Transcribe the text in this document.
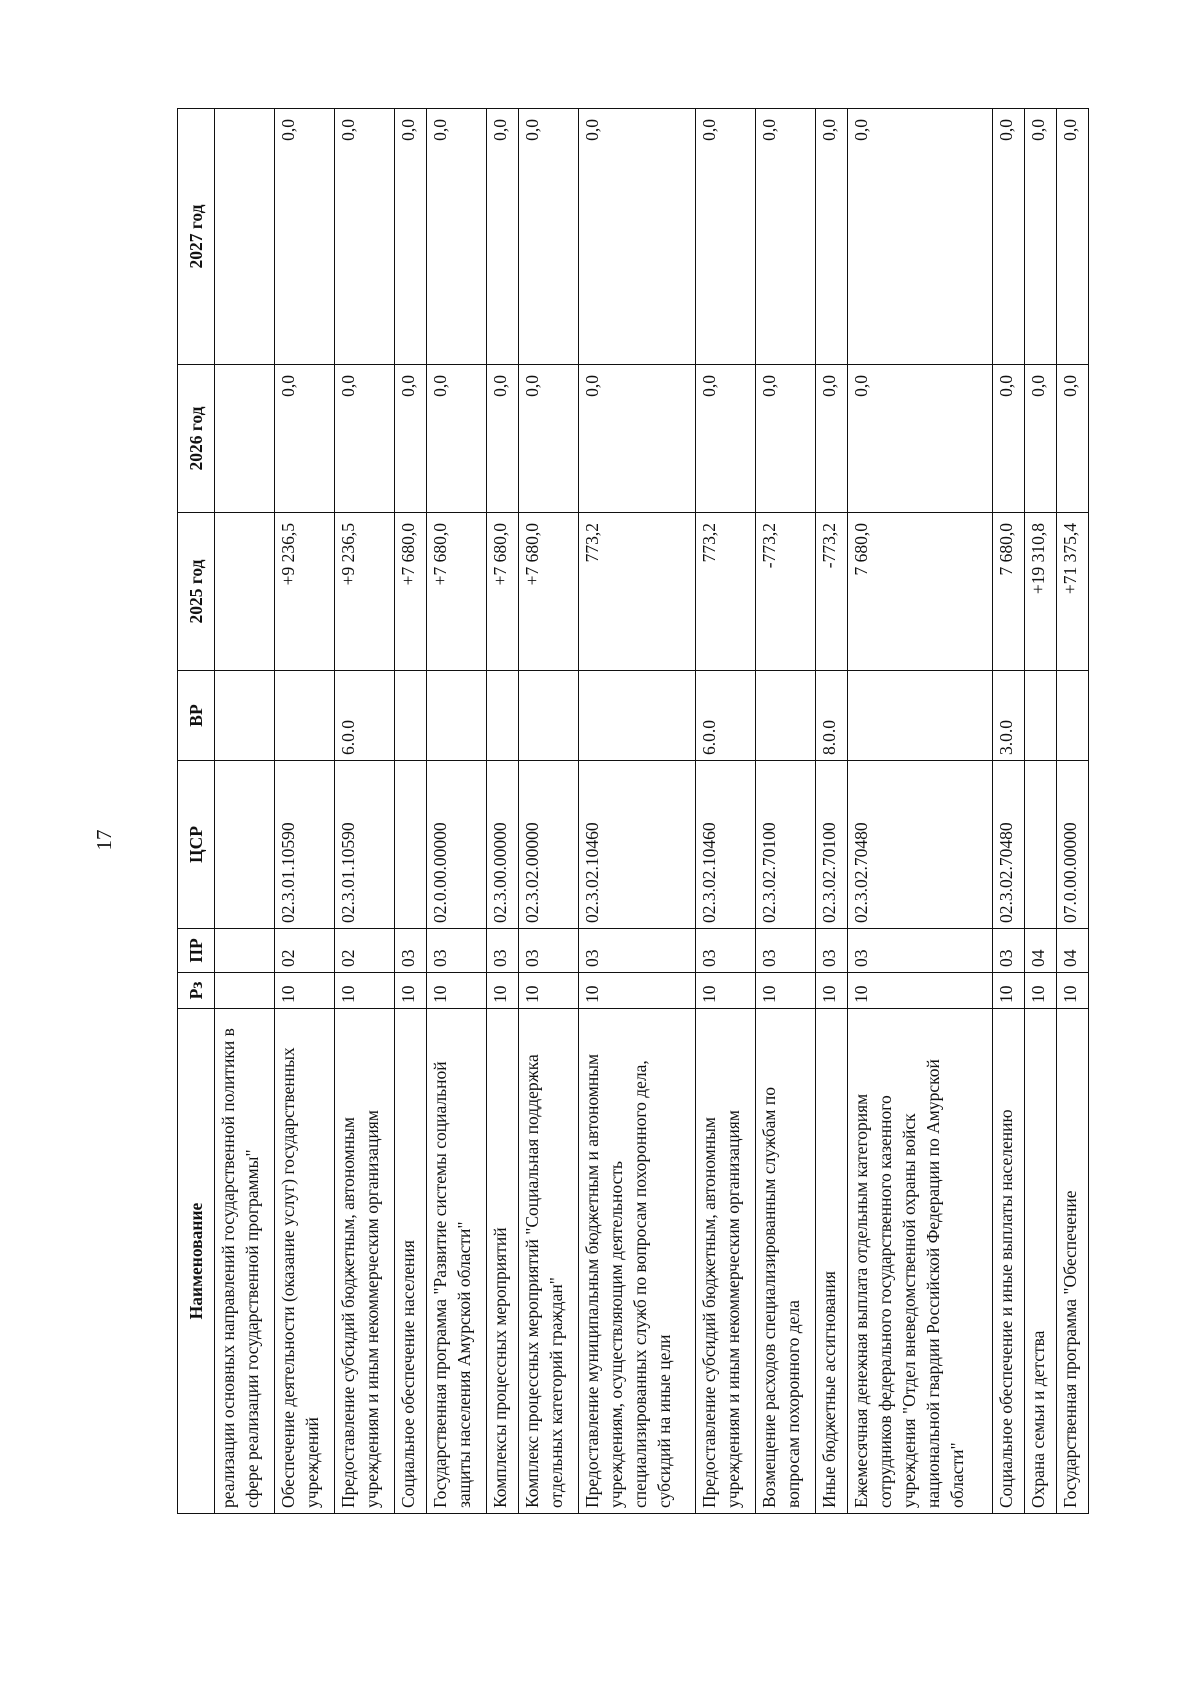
17
Наименование	Рз	ПР	ЦСР	ВР	2025 год	2026 год	2027 год
реализации основных направлений государственной политики в сфере реализации государственной программы"							
Обеспечение деятельности (оказание услуг) государственных учреждений	10	02	02.3.01.10590		+9 236,5	0,0	0,0
Предоставление субсидий бюджетным, автономным учреждениям и иным некоммерческим организациям	10	02	02.3.01.10590	6.0.0	+9 236,5	0,0	0,0
Социальное обеспечение населения	10	03			+7 680,0	0,0	0,0
Государственная программа "Развитие системы социальной защиты населения Амурской области"	10	03	02.0.00.00000		+7 680,0	0,0	0,0
Комплексы процессных мероприятий	10	03	02.3.00.00000		+7 680,0	0,0	0,0
Комплекс процессных мероприятий "Социальная поддержка отдельных категорий граждан"	10	03	02.3.02.00000		+7 680,0	0,0	0,0
Предоставление муниципальным бюджетным и автономным учреждениям, осуществляющим деятельность специализированных служб по вопросам похоронного дела, субсидий на иные цели	10	03	02.3.02.10460		773,2	0,0	0,0
Предоставление субсидий бюджетным, автономным учреждениям и иным некоммерческим организациям	10	03	02.3.02.10460	6.0.0	773,2	0,0	0,0
Возмещение расходов специализированным службам по вопросам похоронного дела	10	03	02.3.02.70100		-773,2	0,0	0,0
Иные бюджетные ассигнования	10	03	02.3.02.70100	8.0.0	-773,2	0,0	0,0
Ежемесячная денежная выплата отдельным категориям сотрудников федерального государственного казенного учреждения "Отдел вневедомственной охраны войск национальной гвардии Российской Федерации по Амурской области"	10	03	02.3.02.70480		7 680,0	0,0	0,0
Социальное обеспечение и иные выплаты населению	10	03	02.3.02.70480	3.0.0	7 680,0	0,0	0,0
Охрана семьи и детства	10	04			+19 310,8	0,0	0,0
Государственная программа "Обеспечение	10	04	07.0.00.00000		+71 375,4	0,0	0,0
